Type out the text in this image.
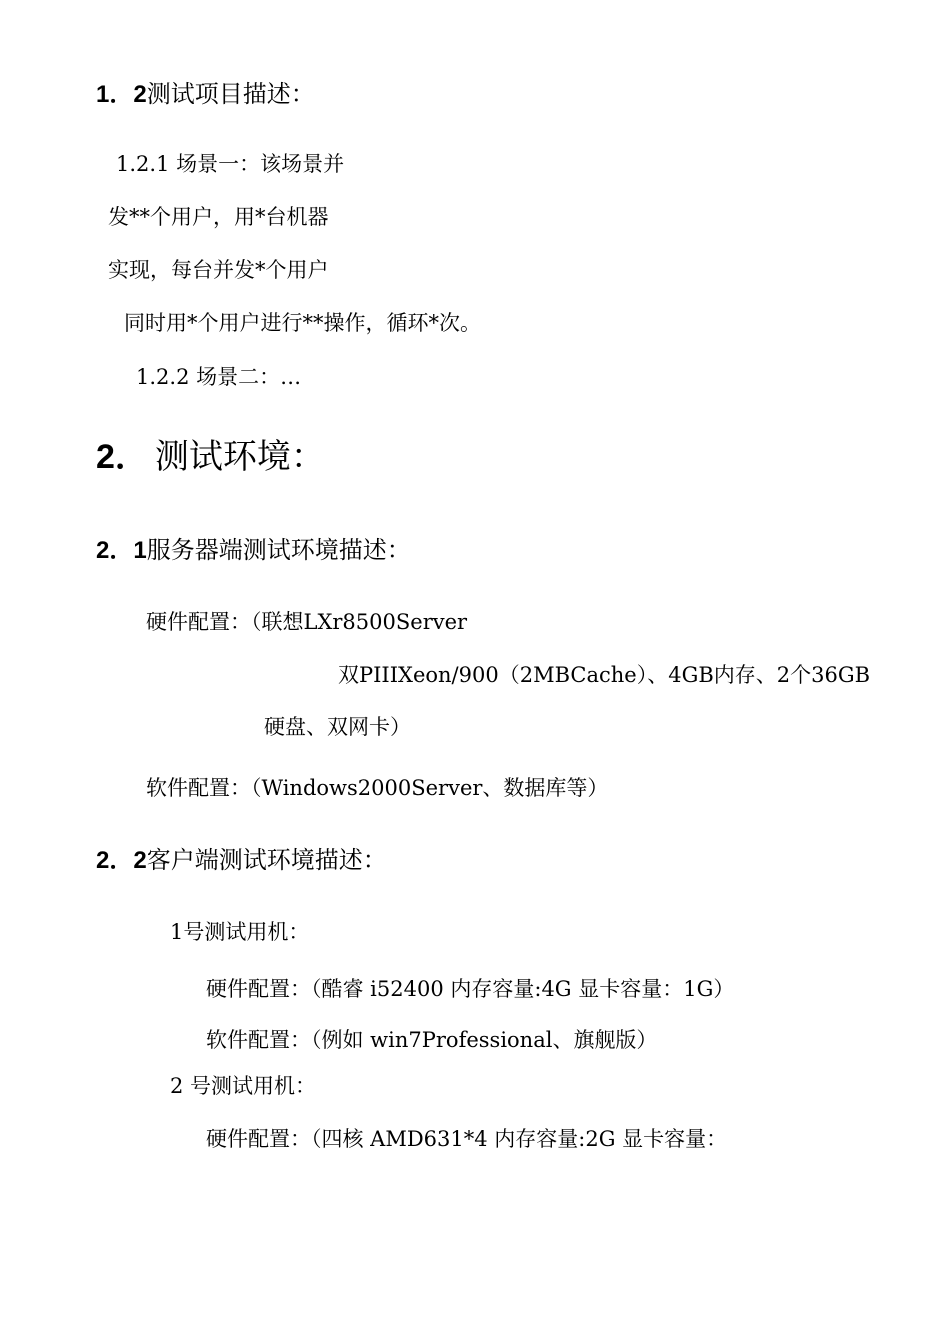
1．2测试项目描述：
1.2.1 场景一：该场景并
发**个用户，用*台机器
实现，每台并发*个用户
同时用*个用户进行**操作，循环*次。
1.2.2 场景二：…
2． 测试环境：
2．1服务器端测试环境描述：
硬件配置：（联想LXr8500Server
双PIIIXeon/900（2MBCache）、4GB内存、2个36GB
硬盘、双网卡）
软件配置：（Windows2000Server、数据库等）
2．2客户端测试环境描述：
1号测试用机：
硬件配置：（酷睿 i52400 内存容量:4G 显卡容量：1G）
软件配置：（例如 win7Professional、旗舰版）
2 号测试用机：
硬件配置：（四核 AMD631*4 内存容量:2G 显卡容量：
